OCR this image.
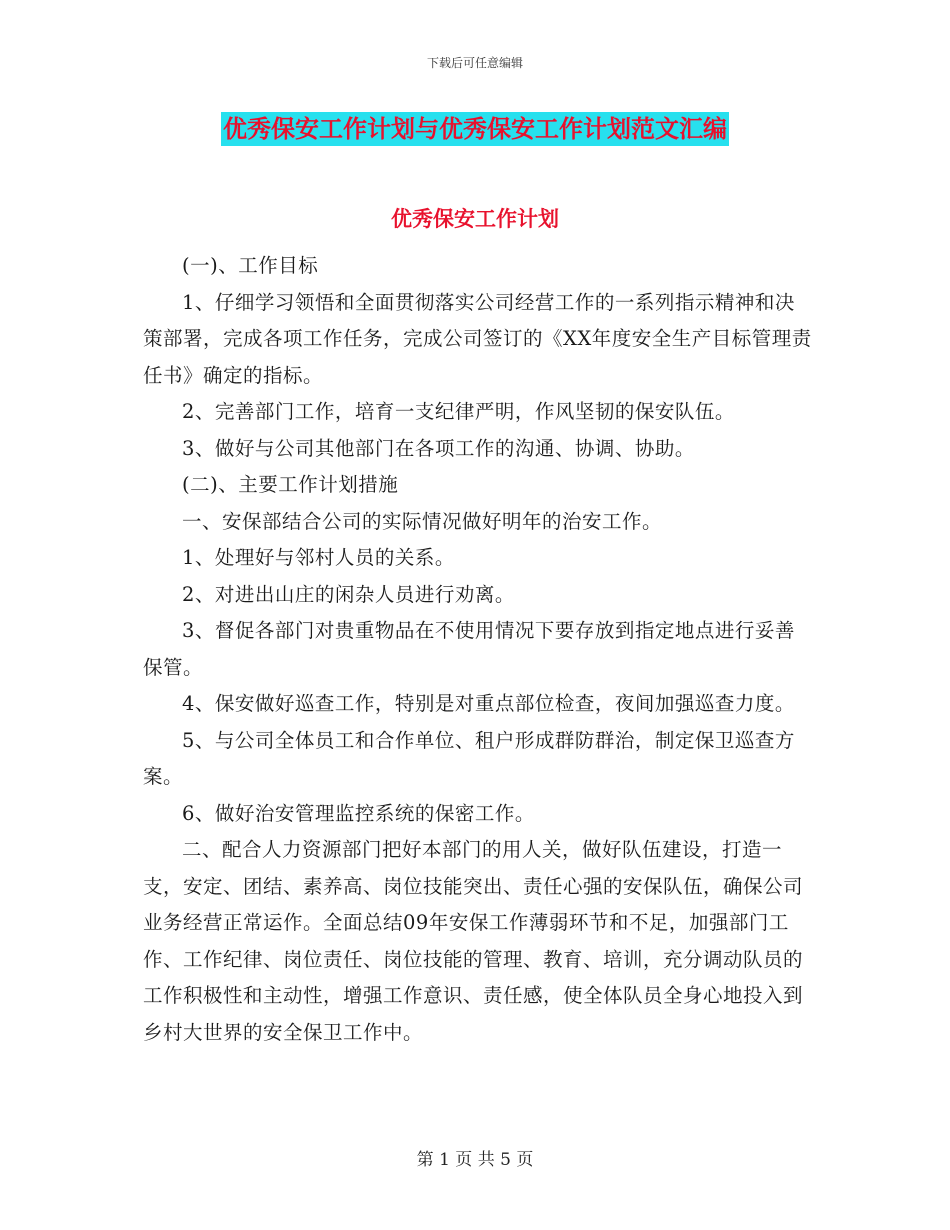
下载后可任意编辑
优秀保安工作计划与优秀保安工作计划范文汇编
优秀保安工作计划

(一)、工作目标

1、仔细学习领悟和全面贯彻落实公司经营工作的一系列指示精神和决策部署，完成各项工作任务，完成公司签订的《XX年度安全生产目标管理责任书》确定的指标。

2、完善部门工作，培育一支纪律严明，作风坚韧的保安队伍。

3、做好与公司其他部门在各项工作的沟通、协调、协助。

(二)、主要工作计划措施

一、安保部结合公司的实际情况做好明年的治安工作。

1、处理好与邻村人员的关系。

2、对进出山庄的闲杂人员进行劝离。

3、督促各部门对贵重物品在不使用情况下要存放到指定地点进行妥善保管。

4、保安做好巡查工作，特别是对重点部位检查，夜间加强巡查力度。

5、与公司全体员工和合作单位、租户形成群防群治，制定保卫巡查方案。

6、做好治安管理监控系统的保密工作。

二、配合人力资源部门把好本部门的用人关，做好队伍建设，打造一支，安定、团结、素养高、岗位技能突出、责任心强的安保队伍，确保公司业务经营正常运作。全面总结09年安保工作薄弱环节和不足，加强部门工作、工作纪律、岗位责任、岗位技能的管理、教育、培训，充分调动队员的工作积极性和主动性，增强工作意识、责任感，使全体队员全身心地投入到乡村大世界的安全保卫工作中。

第 1 页 共 5 页
